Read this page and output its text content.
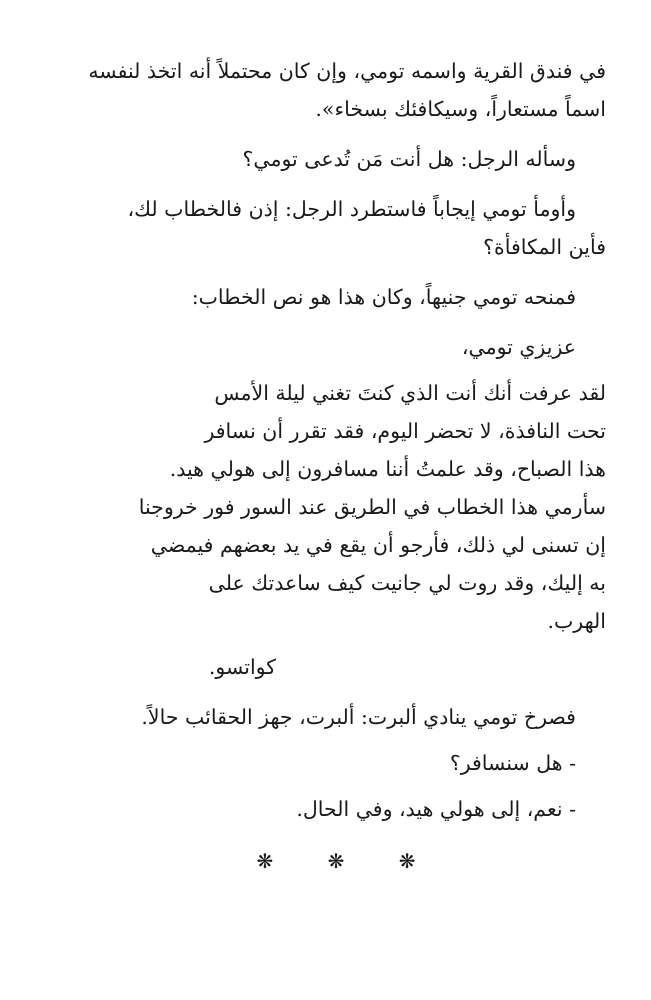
في فندق القرية واسمه تومي، وإن كان محتملاً أنه اتخذ لنفسه

اسماً مستعاراً، وسيكافئك بسخاء».

وسأله الرجل: هل أنت مَن تُدعى تومي؟

وأومأ تومي إيجاباً فاستطرد الرجل: إذن فالخطاب لك،

فأين المكافأة؟

فمنحه تومي جنيهاً، وكان هذا هو نص الخطاب:

عزيزي تومي،

لقد عرفت أنك أنت الذي كنتَ تغني ليلة الأمس

تحت النافذة، لا تحضر اليوم، فقد تقرر أن نسافر

هذا الصباح، وقد علمتُ أننا مسافرون إلى هولي هيد.

سأرمي هذا الخطاب في الطريق عند السور فور خروجنا

إن تسنى لي ذلك، فأرجو أن يقع في يد بعضهم فيمضي

به إليك، وقد روت لي جانيت كيف ساعدتك على

الهرب.

كواتسو.

فصرخ تومي ينادي ألبرت: ألبرت، جهز الحقائب حالاً.

- هل سنسافر؟

- نعم، إلى هولي هيد، وفي الحال.

❋ ❋ ❋
